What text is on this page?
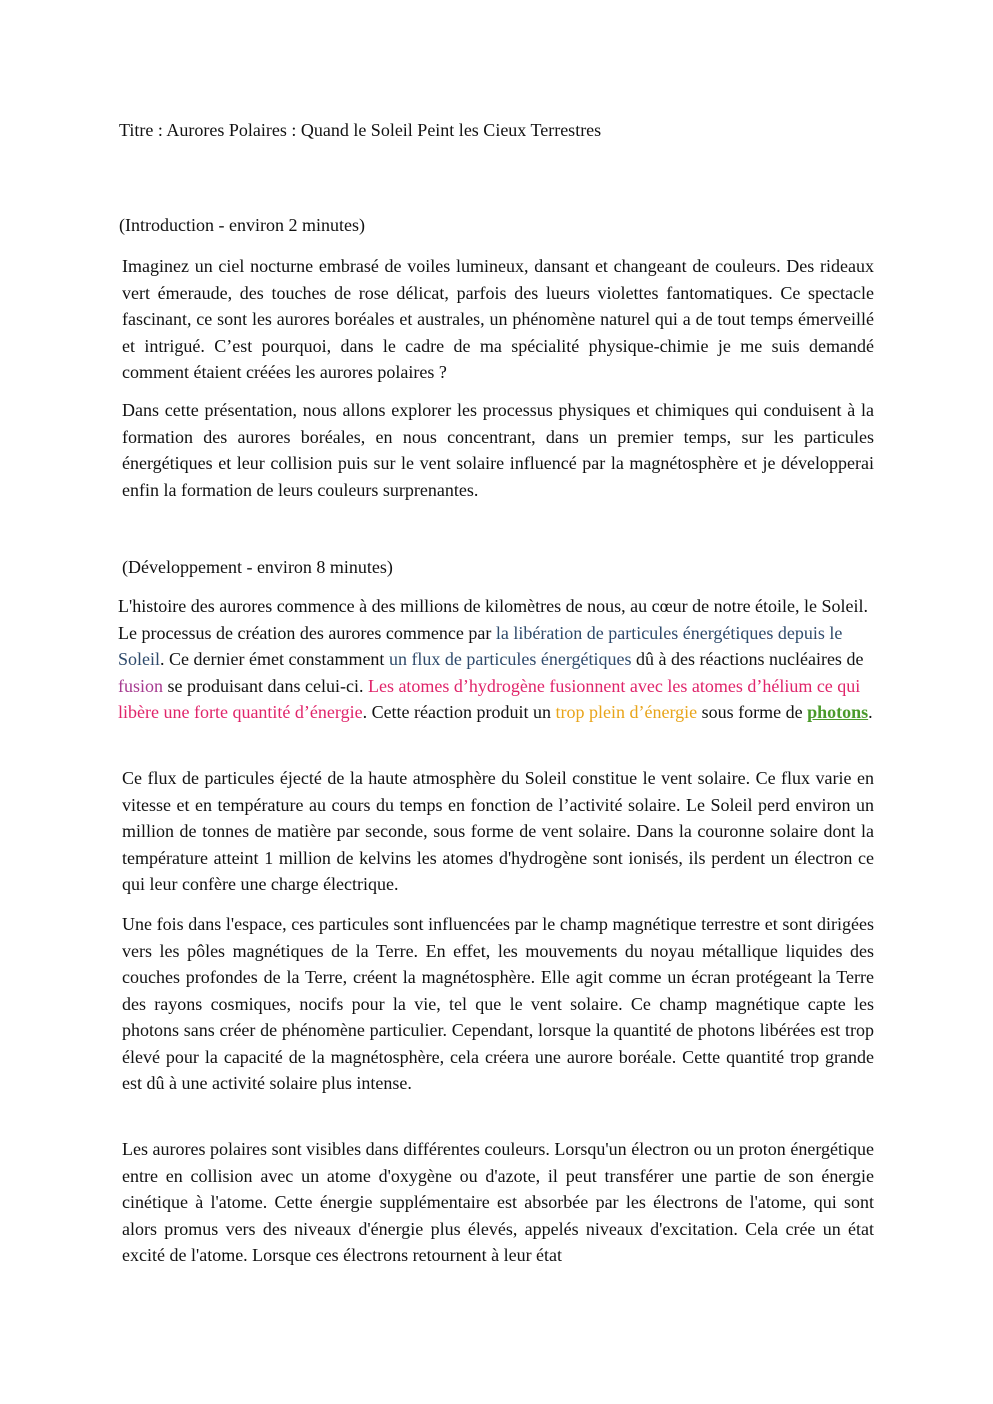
Titre : Aurores Polaires : Quand le Soleil Peint les Cieux Terrestres

(Introduction - environ 2 minutes)

Imaginez un ciel nocturne embrasé de voiles lumineux, dansant et changeant de couleurs. Des rideaux vert émeraude, des touches de rose délicat, parfois des lueurs violettes fantomatiques. Ce spectacle fascinant, ce sont les aurores boréales et australes, un phénomène naturel qui a de tout temps émerveillé et intrigué. C’est pourquoi, dans le cadre de ma spécialité physique-chimie je me suis demandé comment étaient créées les aurores polaires ?

Dans cette présentation, nous allons explorer les processus physiques et chimiques qui conduisent à la formation des aurores boréales, en nous concentrant, dans un premier temps, sur les particules énergétiques et leur collision puis sur le vent solaire influencé par la magnétosphère et je développerai enfin la formation de leurs couleurs surprenantes.

(Développement - environ 8 minutes)

L'histoire des aurores commence à des millions de kilomètres de nous, au cœur de notre étoile, le Soleil. Le processus de création des aurores commence par la libération de particules énergétiques depuis le Soleil. Ce dernier émet constamment un flux de particules énergétiques dû à des réactions nucléaires de fusion se produisant dans celui-ci. Les atomes d’hydrogène fusionnent avec les atomes d’hélium ce qui libère une forte quantité d’énergie. Cette réaction produit un trop plein d’énergie sous forme de photons.

Ce flux de particules éjecté de la haute atmosphère du Soleil constitue le vent solaire. Ce flux varie en vitesse et en température au cours du temps en fonction de l’activité solaire. Le Soleil perd environ un million de tonnes de matière par seconde, sous forme de vent solaire. Dans la couronne solaire dont la température atteint 1 million de kelvins les atomes d'hydrogène sont ionisés, ils perdent un électron ce qui leur confère une charge électrique.

Une fois dans l'espace, ces particules sont influencées par le champ magnétique terrestre et sont dirigées vers les pôles magnétiques de la Terre. En effet, les mouvements du noyau métallique liquides des couches profondes de la Terre, créent la magnétosphère. Elle agit comme un écran protégeant la Terre des rayons cosmiques, nocifs pour la vie, tel que le vent solaire. Ce champ magnétique capte les photons sans créer de phénomène particulier. Cependant, lorsque la quantité de photons libérées est trop élevé pour la capacité de la magnétosphère, cela créera une aurore boréale. Cette quantité trop grande est dû à une activité solaire plus intense.

Les aurores polaires sont visibles dans différentes couleurs. Lorsqu'un électron ou un proton énergétique entre en collision avec un atome d'oxygène ou d'azote, il peut transférer une partie de son énergie cinétique à l'atome. Cette énergie supplémentaire est absorbée par les électrons de l'atome, qui sont alors promus vers des niveaux d'énergie plus élevés, appelés niveaux d'excitation. Cela crée un état excité de l'atome. Lorsque ces électrons retournent à leur état
